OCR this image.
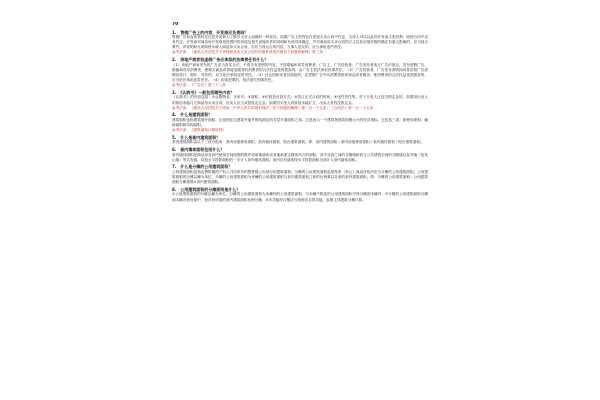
70
1.　售楼广告上的内容，开发商应负责吗？

售楼广告和宣传资料往往是开发商为了吸引买房人而做的一种宣传。如果广告上的内容在房屋买卖合同中约定，买房人可以以此向开发商主张权利；即使合同中没有约定，开发商对商品房开发规划范围内的房屋及相关设施所作的说明和允诺具体确定，并对商品房买卖合同的订立以及房屋价格的确定有重大影响的，应当视为要约。该说明和允诺即使未载入商品房买卖合同，亦应当视为合同内容，当事人违反的，应当承担违约责任。

参考法条：《最高人民法院关于审理商品房买卖合同纠纷案件适用法律若干问题的解释》第三条

2.　房地产商家拟虚假广告应承担的法律责任有什么？

（1）房地产商家发布的广告应当真实合法，不得含有虚假的内容，不得欺骗和误导消费者。广告主、广告经营者、广告发布者违反广告法规定，发布虚假广告，欺骗和误导消费者，使购买商品或者接受服务的消费者的合法权益受到损害的，由广告主依法承担民事责任。（2）广告经营者、广告发布者明知或者应知广告虚假仍设计、制作、发布的，应当依法承担连带责任。（3）社会团体或者其他组织，在虚假广告中向消费者推荐商品或者服务，使消费者的合法权益受到损害的，应当依法承担连带责任。（4）构成犯罪的，依法追究刑事责任。

参考法条：《广告法》第三十八条

3.　《认购书》一般包括哪些内容？

《认购书》的内容包括：①认购物业；②房号；③面积；④价格及付款方式；⑤签订正式合同的时间；⑥违约责任等。对于买受人已经交纳定金的，如果因出卖人的原因未能订立商品房买卖合同，出卖人应当双倍返还定金；如果因买受人的原因未能订立，出卖人有权没收定金。

参考法条：《最高人民法院关于适用〈中华人民共和国担保法〉若干问题的解释》第一百一十五条；《合同法》第一百一十五条

4.　什么是建筑面积？

建筑面积也称建筑展开面积，它是指住宅建筑外墙外围线测定的各层平面面积之和。它是表示一个建筑物建筑规模大小的经济指标。它包括三项，即使用面积、辅助面积和结构面积。

参考法条：《建筑面积计算规则》

5.　什么是套内建筑面积？

套内建筑面积由以下三部分组成：套内房屋使用面积、套内墙体面积、阳台建筑面积。即：套内建筑面积＝套内房屋使用面积＋套内墙体面积＋阳台建筑面积。

6.　套内墙体面积包括什么？

套内墙体面积是商品房各套内使用空间周围的维护或承重墙体或其他承重支撑体所占的面积，其中各套之间的分隔墙和套与公共建筑空间的分隔墙以及外墙（包括山墙）等共有墙，均按水平投影面积的一半计入套内墙体面积。套内自有墙体按水平投影面积全部计入套内墙体面积。

7.　什么是分摊的公用建筑面积？

公用建筑面积是指由整栋楼的产权人共同所有的整栋楼公用部分的建筑面积。分摊的公用建筑面积是指每套（单元）商品房依法应当分摊的公用建筑面积。公用建筑面积的分摊以幢为单位，分摊的公用建筑面积为该幢的公用建筑面积与套内建筑面积之和的比例乘以各套的套内建筑面积，即：分摊的公用建筑面积＝公用建筑面积分摊系数×套内建筑面积。

8.　公用建筑面积的分摊原则是什么？

①公用建筑面积的分摊以幢为单位，分摊的公用建筑面积为本幢内的公用建筑面积。与本幢不相连的公用建筑面积不得分摊到本幢内；②分摊的公用建筑面积分摊到本幢各套房屋中，按各套房屋的套内建筑面积比例分摊；③多功能综合楼应当按照各自的功能，参照主体建筑分摊计算。
